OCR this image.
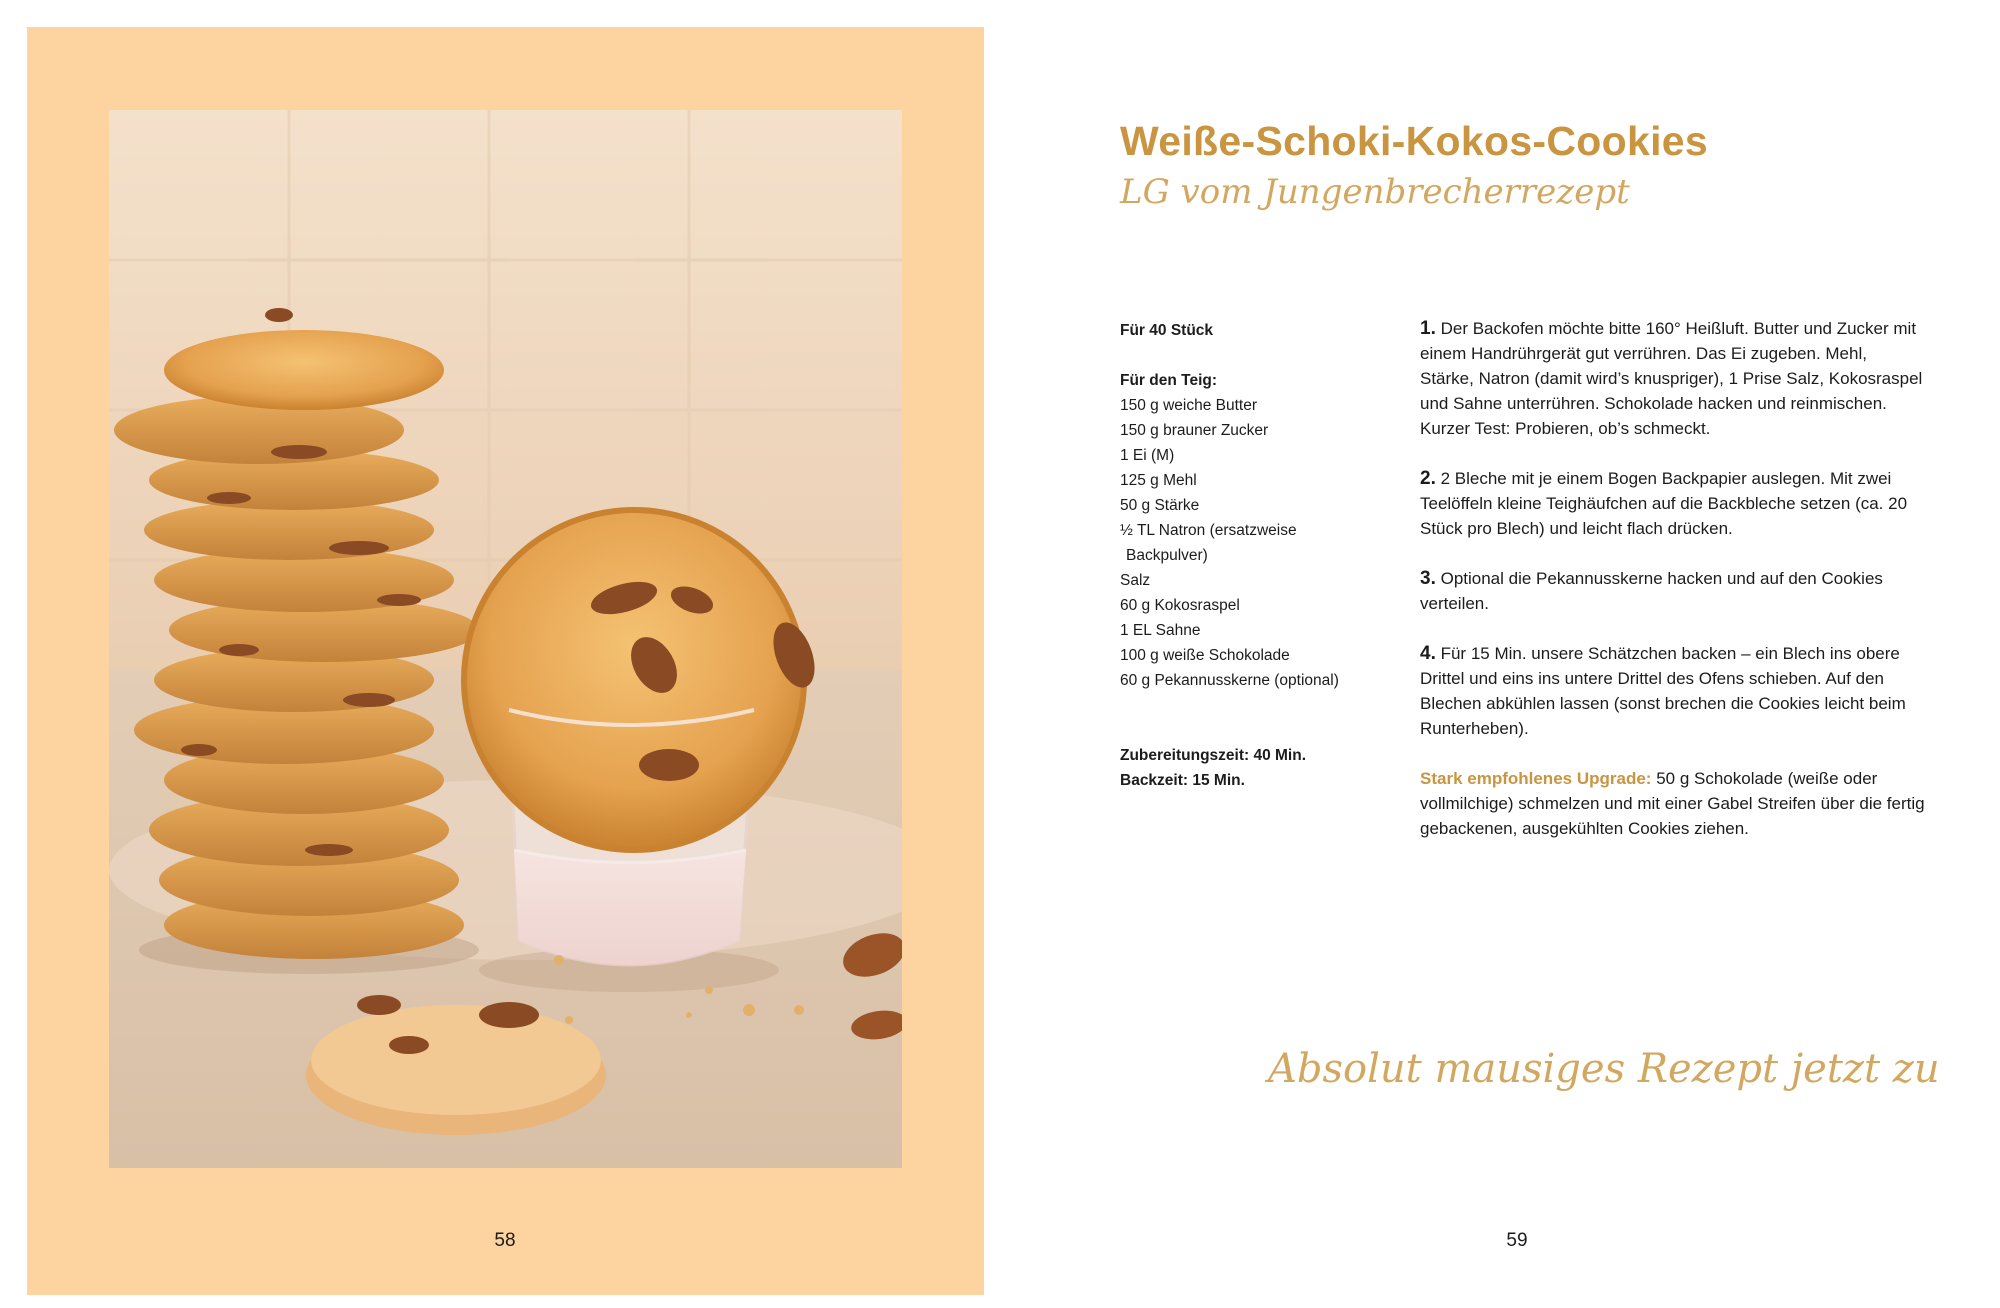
58
Weiße-Schoki-Kokos-Cookies
LG vom Jungenbrecherrezept
Für 40 Stück
Für den Teig:
150 g weiche Butter
150 g brauner Zucker
1 Ei (M)
125 g Mehl
50 g Stärke
½ TL Natron (ersatzweise
Backpulver)
Salz
60 g Kokosraspel
1 EL Sahne
100 g weiße Schokolade
60 g Pekannusskerne (optional)
Zubereitungszeit: 40 Min.
Backzeit: 15 Min.

1. Der Backofen möchte bitte 160° Heißluft. Butter und Zucker mit einem Handrührgerät gut verrühren. Das Ei zugeben. Mehl, Stärke, Natron (damit wird’s knuspriger), 1 Prise Salz, Kokosraspel und Sahne unterrühren. Schokolade hacken und reinmischen. Kurzer Test: Probieren, ob’s schmeckt.

2. 2 Bleche mit je einem Bogen Backpapier auslegen. Mit zwei Teelöffeln kleine Teighäufchen auf die Backbleche setzen (ca. 20 Stück pro Blech) und leicht flach drücken.

3. Optional die Pekannusskerne hacken und auf den Cookies verteilen.

4. Für 15 Min. unsere Schätzchen backen – ein Blech ins obere Drittel und eins ins untere Drittel des Ofens schieben. Auf den Blechen abkühlen lassen (sonst brechen die Cookies leicht beim Runterheben).

Stark empfohlenes Upgrade: 50 g Schokolade (weiße oder vollmilchige) schmelzen und mit einer Gabel Streifen über die fertig gebackenen, ausgekühlten Cookies ziehen.

Absolut mausiges Rezept jetzt zu
59
